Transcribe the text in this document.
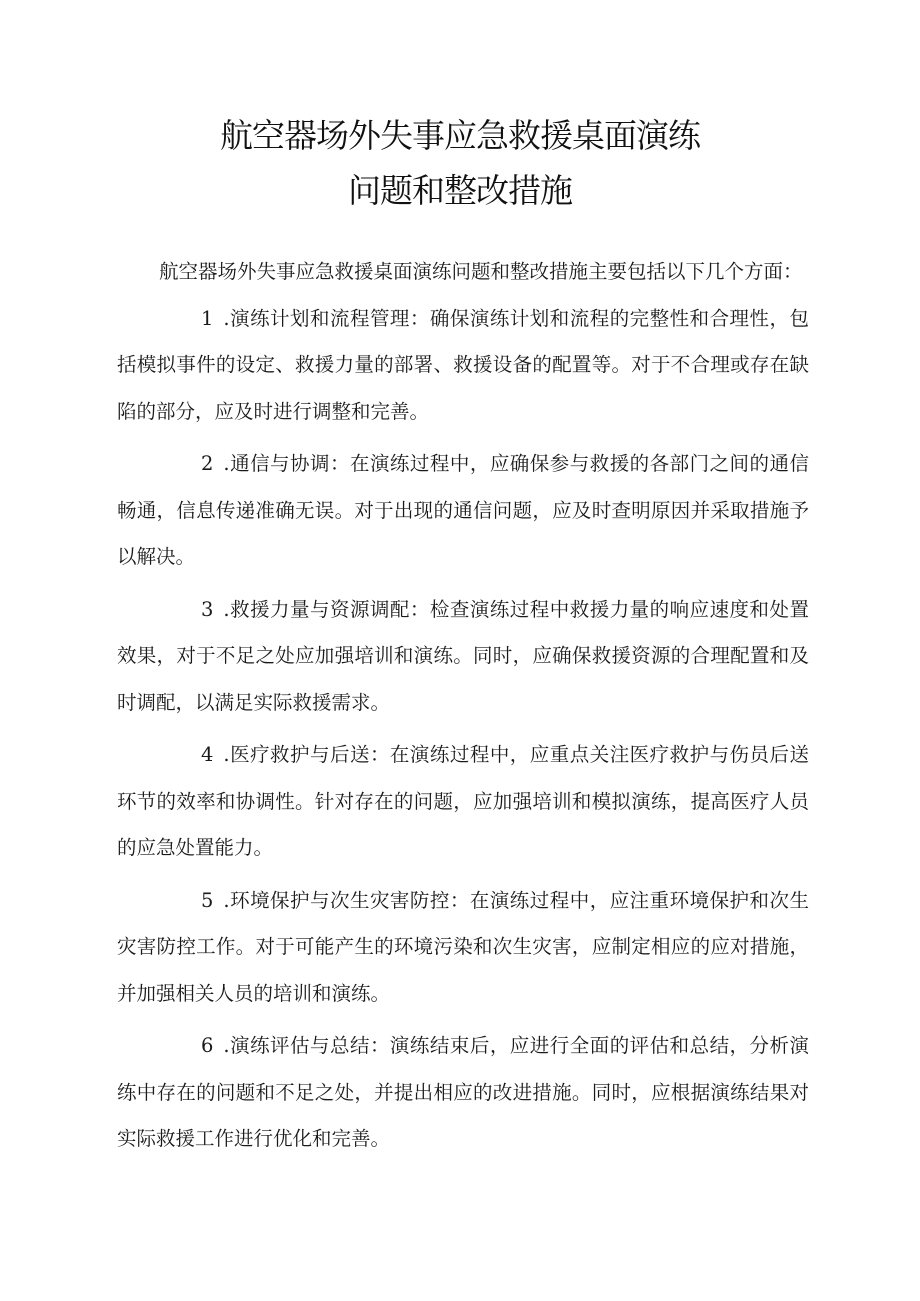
航空器场外失事应急救援桌面演练
问题和整改措施

航空器场外失事应急救援桌面演练问题和整改措施主要包括以下几个方面：

1 .演练计划和流程管理：确保演练计划和流程的完整性和合理性，包括模拟事件的设定、救援力量的部署、救援设备的配置等。对于不合理或存在缺陷的部分，应及时进行调整和完善。

2 .通信与协调：在演练过程中，应确保参与救援的各部门之间的通信畅通，信息传递准确无误。对于出现的通信问题，应及时查明原因并采取措施予以解决。

3 .救援力量与资源调配：检查演练过程中救援力量的响应速度和处置效果，对于不足之处应加强培训和演练。同时，应确保救援资源的合理配置和及时调配，以满足实际救援需求。

4 .医疗救护与后送：在演练过程中，应重点关注医疗救护与伤员后送环节的效率和协调性。针对存在的问题，应加强培训和模拟演练，提高医疗人员的应急处置能力。

5 .环境保护与次生灾害防控：在演练过程中，应注重环境保护和次生灾害防控工作。对于可能产生的环境污染和次生灾害，应制定相应的应对措施，并加强相关人员的培训和演练。

6 .演练评估与总结：演练结束后，应进行全面的评估和总结，分析演练中存在的问题和不足之处，并提出相应的改进措施。同时，应根据演练结果对实际救援工作进行优化和完善。
